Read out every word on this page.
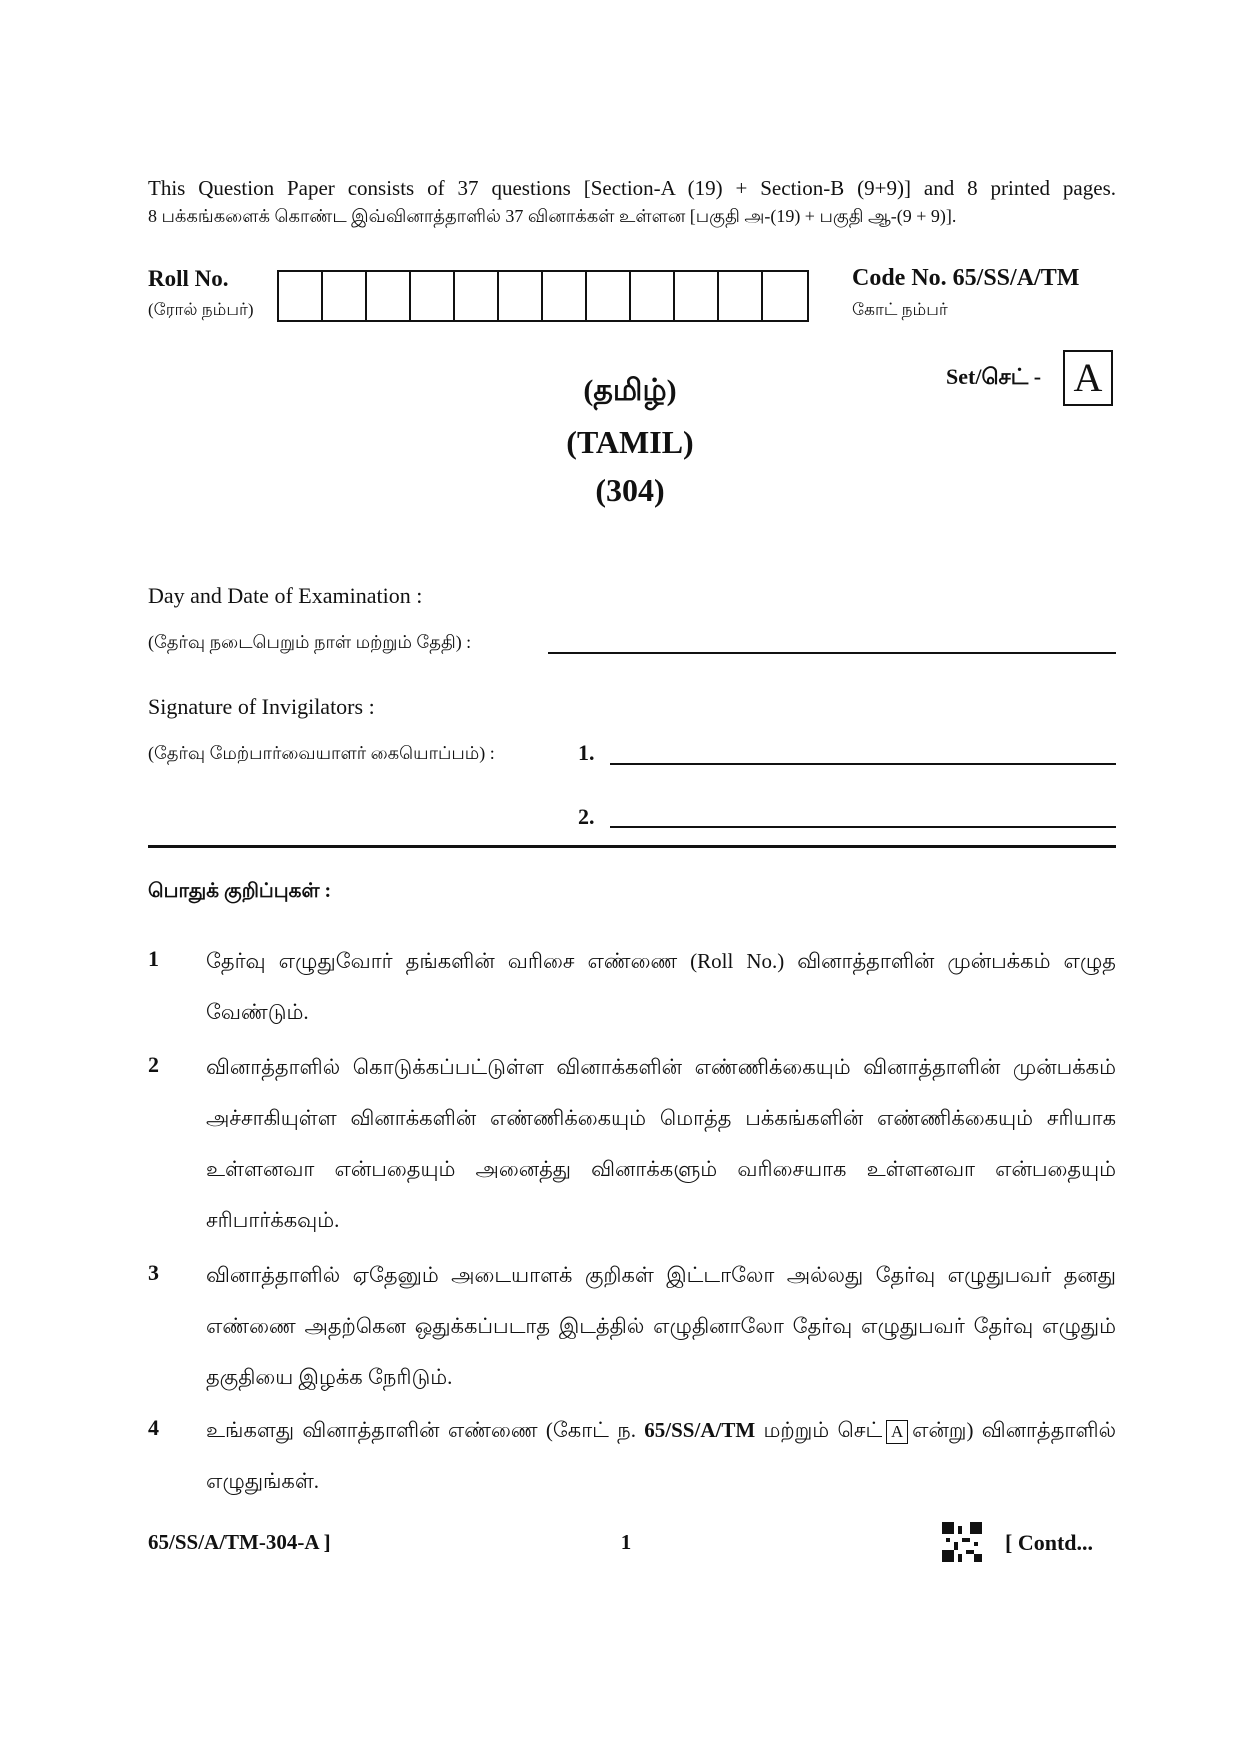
This Question Paper consists of 37 questions [Section-A (19) + Section-B (9+9)] and 8 printed pages.
8 பக்கங்களைக் கொண்ட இவ்வினாத்தாளில் 37 வினாக்கள் உள்ளன [பகுதி அ-(19) + பகுதி ஆ-(9 + 9)].
Roll No.
(ரோல் நம்பர்)
Code No. 65/SS/A/TM
கோட் நம்பர்
Set/செட் - A
(தமிழ்)
(TAMIL)
(304)
Day and Date of Examination :
(தேர்வு நடைபெறும் நாள் மற்றும் தேதி) :
Signature of Invigilators :
(தேர்வு மேற்பார்வையாளர் கையொப்பம்) :	1.
2.
பொதுக் குறிப்புகள் :
1 தேர்வு எழுதுவோர் தங்களின் வரிசை எண்ணை (Roll No.) வினாத்தாளின் முன்பக்கம் எழுத வேண்டும்.
2 வினாத்தாளில் கொடுக்கப்பட்டுள்ள வினாக்களின் எண்ணிக்கையும் வினாத்தாளின் முன்பக்கம் அச்சாகியுள்ள வினாக்களின் எண்ணிக்கையும் மொத்த பக்கங்களின் எண்ணிக்கையும் சரியாக உள்ளனவா என்பதையும் அனைத்து வினாக்களும் வரிசையாக உள்ளனவா என்பதையும் சரிபார்க்கவும்.
3 வினாத்தாளில் ஏதேனும் அடையாளக் குறிகள் இட்டாலோ அல்லது தேர்வு எழுதுபவர் தனது எண்ணை அதற்கென ஒதுக்கப்படாத இடத்தில் எழுதினாலோ தேர்வு எழுதுபவர் தேர்வு எழுதும் தகுதியை இழக்க நேரிடும்.
4 உங்களது வினாத்தாளின் எண்ணை (கோட் ந. 65/SS/A/TM மற்றும் செட் A என்று) வினாத்தாளில் எழுதுங்கள்.
65/SS/A/TM-304-A ]	1	[ Contd...
